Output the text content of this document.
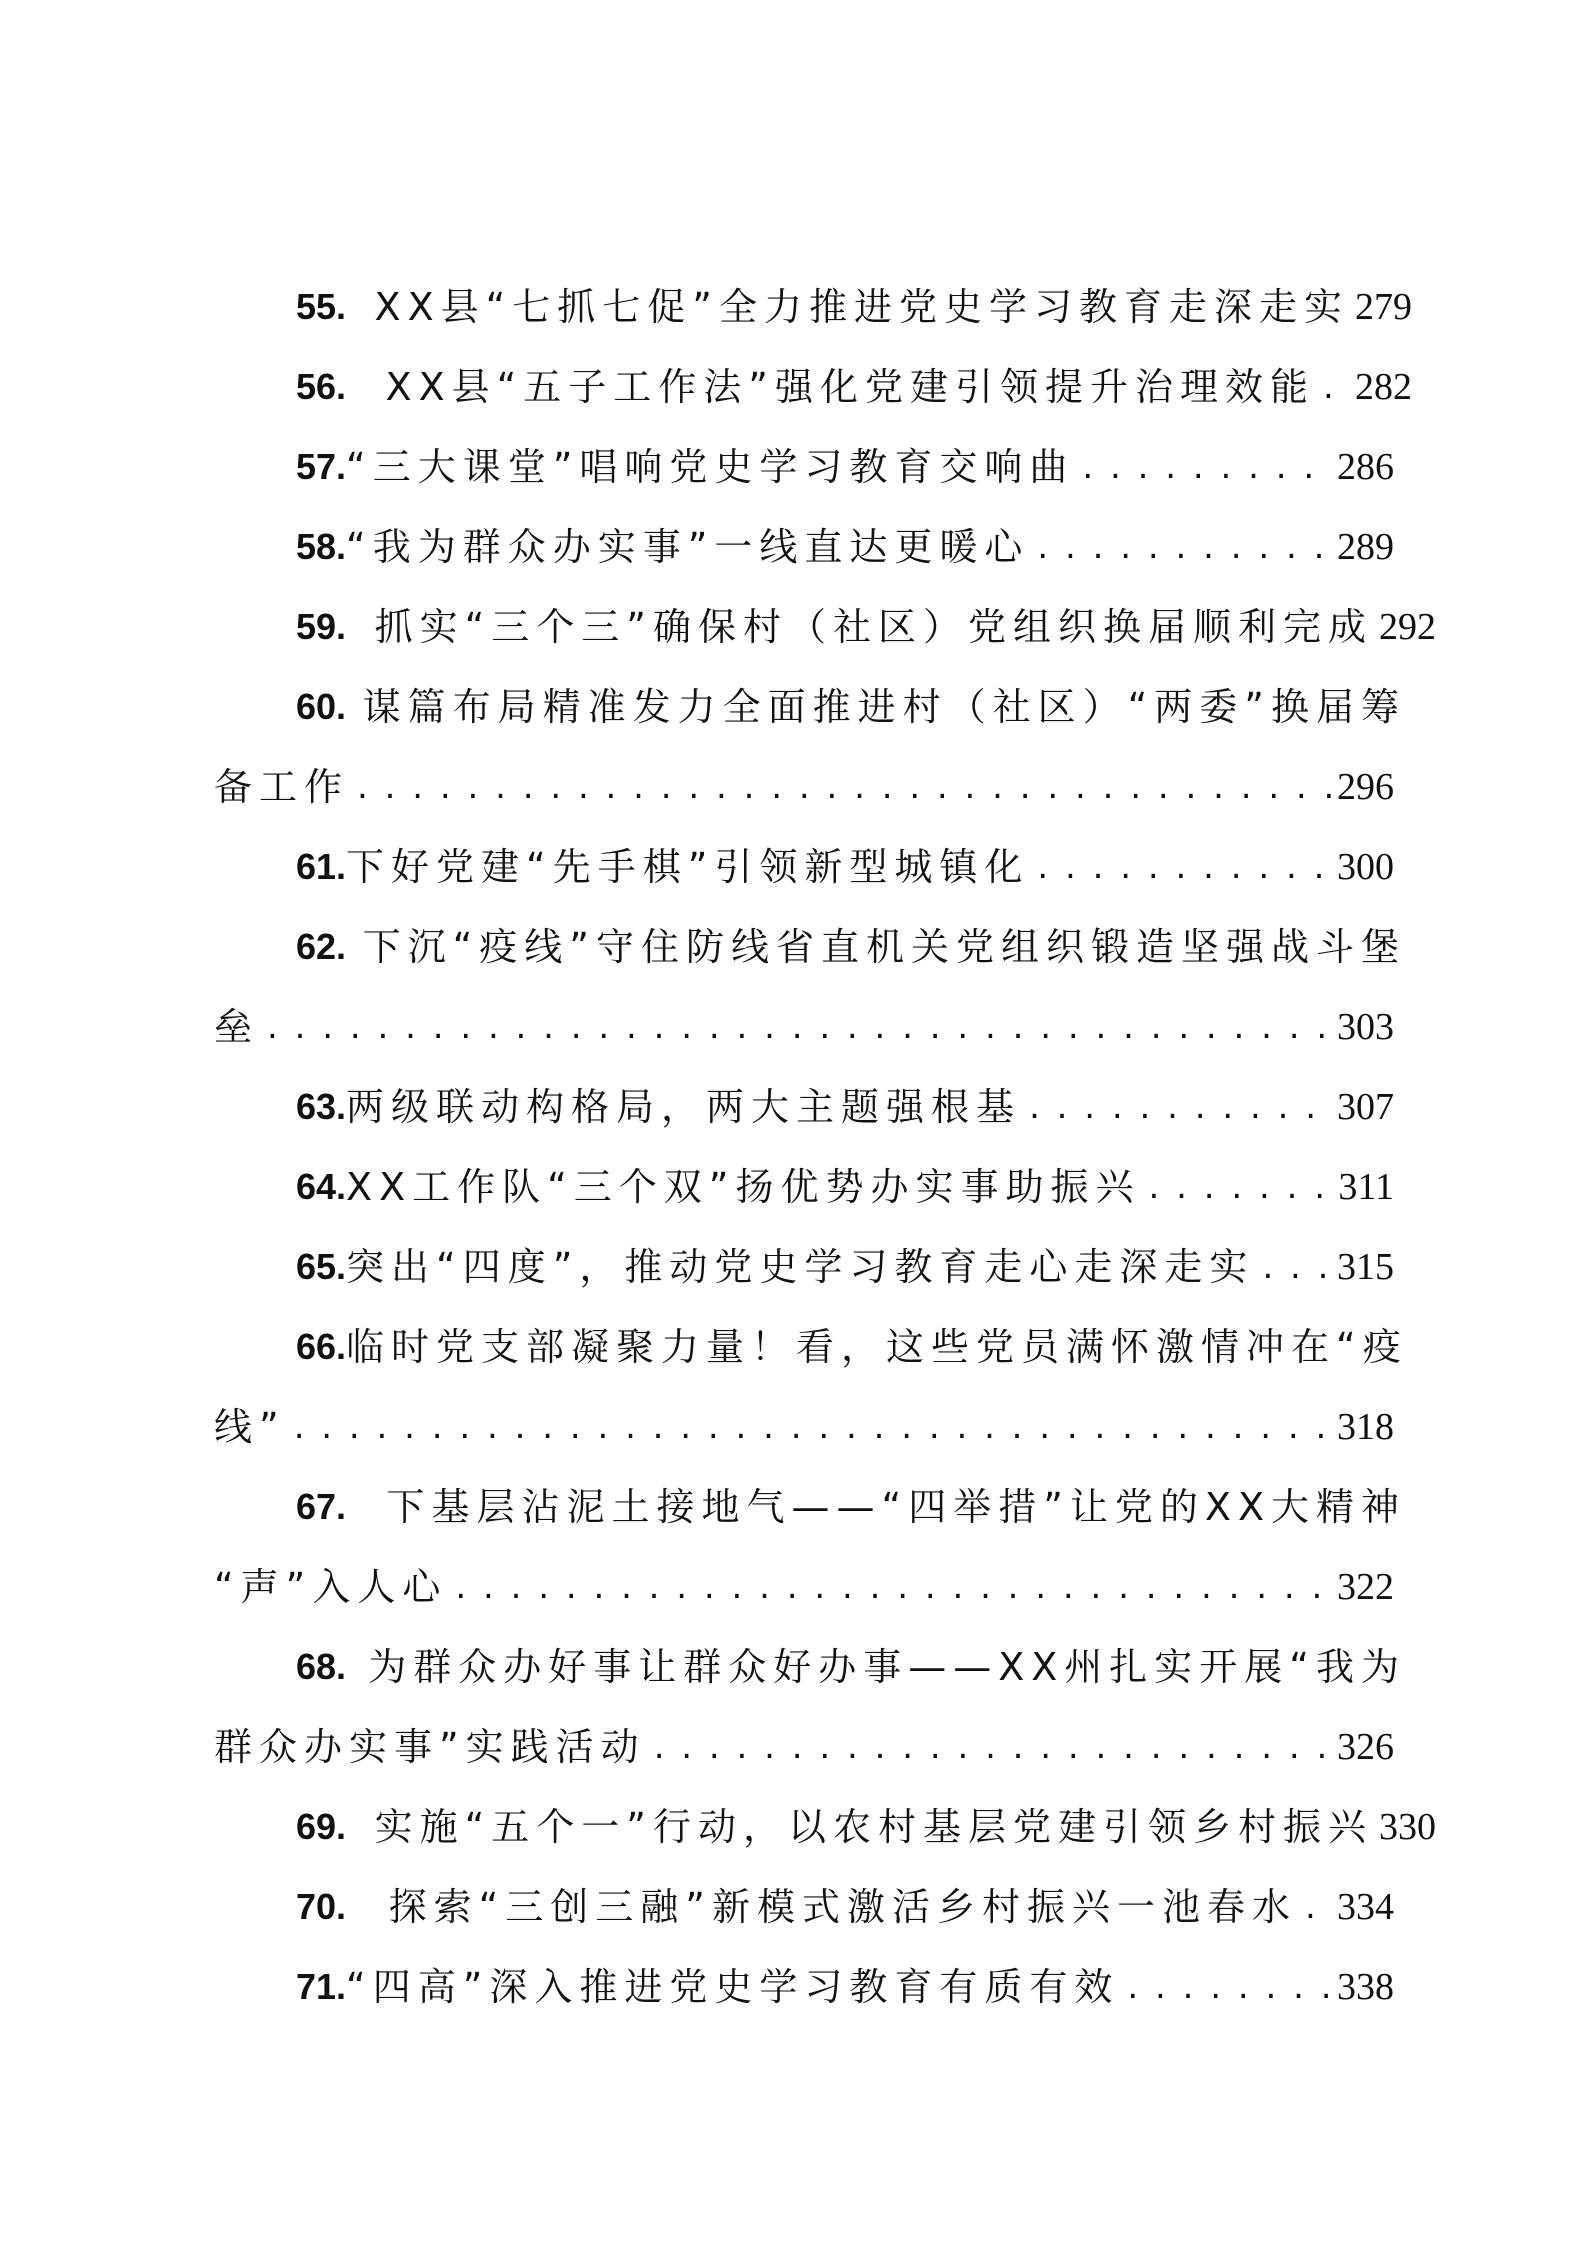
55. XX县“七抓七促”全力推进党史学习教育走深走实 279
56.	XX县“五子工作法”强化党建引领提升治理效能 . . . 282
57. “三大课堂”唱响党史学习教育交响曲 . . .	286
58. “我为群众办实事”一线直达更暖心 . . .	289
59. 抓实“三个三”确保村（社区）党组织换届顺利完成 292
60. 谋篇布局精准发力全面推进村（社区）“两委”换届筹
备工作 . . .	296
61. 下好党建“先手棋”引领新型城镇化 . . .	300
62. 下沉“疫线”守住防线省直机关党组织锻造坚强战斗堡
垒 . . .	303
63. 两级联动构格局，两大主题强根基 . . .	307
64. XX工作队“三个双”扬优势办实事助振兴 . . .	311
65. 突出“四度”，推动党史学习教育走心走深走实 . . . 315
66. 临时党支部凝聚力量！看，这些党员满怀激情冲在“疫
线” . . .	318
67.	下基层沾泥土接地气——“四举措”让党的XX大精神
“声”入人心 . . .	322
68. 为群众办好事让群众好办事——XX州扎实开展“我为
群众办实事”实践活动 . . .	326
69. 实施“五个一”行动，以农村基层党建引领乡村振兴 330
70.	探索“三创三融”新模式激活乡村振兴一池春水 . . . 334
71. “四高”深入推进党史学习教育有质有效 . . .	338
